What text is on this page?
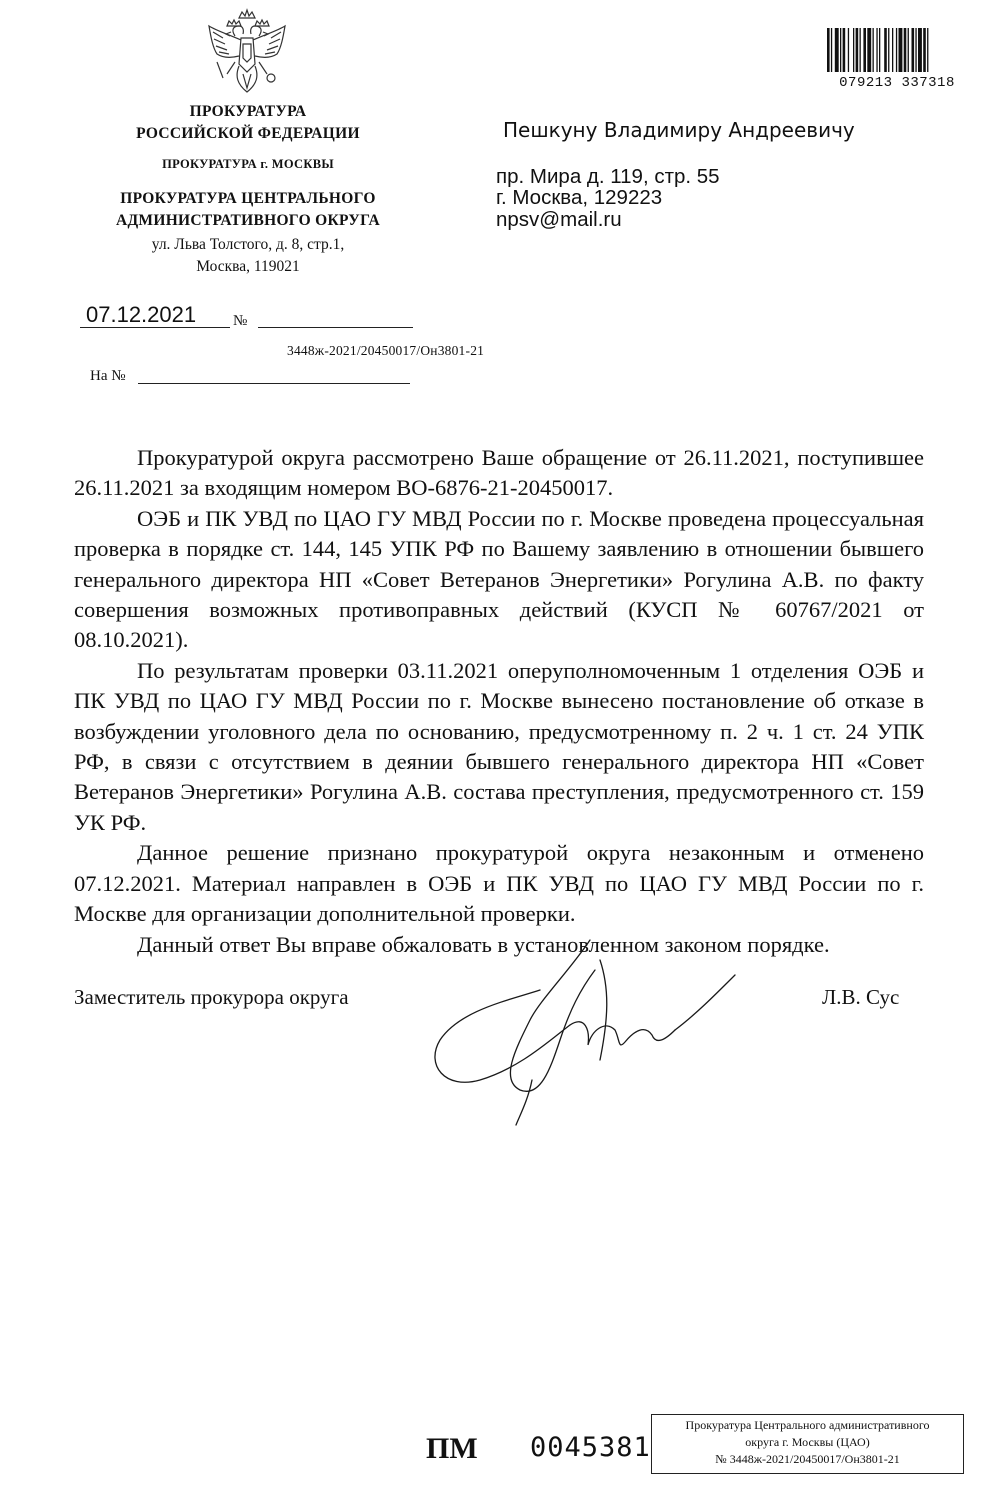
ПРОКУРАТУРА
РОССИЙСКОЙ ФЕДЕРАЦИИ
ПРОКУРАТУРА г. МОСКВЫ
ПРОКУРАТУРА ЦЕНТРАЛЬНОГО
АДМИНИСТРАТИВНОГО ОКРУГА
ул. Льва Толстого, д. 8, стр.1,
Москва, 119021
079213 337318
Пешкуну Владимиру Андреевичу
пр. Мира д. 119, стр. 55
г. Москва, 129223
npsv@mail.ru
07.12.2021 №
3448ж-2021/20450017/Он3801-21
На №

Прокуратурой округа рассмотрено Ваше обращение от 26.11.2021, поступившее 26.11.2021 за входящим номером ВО-6876-21-20450017.

ОЭБ и ПК УВД по ЦАО ГУ МВД России по г. Москве проведена процессуальная проверка в порядке ст. 144, 145 УПК РФ по Вашему заявлению в отношении бывшего генерального директора НП «Совет Ветеранов Энергетики» Рогулина А.В. по факту совершения возможных противоправных действий (КУСП № 60767/2021 от 08.10.2021).

По результатам проверки 03.11.2021 оперуполномоченным 1 отделения ОЭБ и ПК УВД по ЦАО ГУ МВД России по г. Москве вынесено постановление об отказе в возбуждении уголовного дела по основанию, предусмотренному п. 2 ч. 1 ст. 24 УПК РФ, в связи с отсутствием в деянии бывшего генерального директора НП «Совет Ветеранов Энергетики» Рогулина А.В. состава преступления, предусмотренного ст. 159 УК РФ.

Данное решение признано прокуратурой округа незаконным и отменено 07.12.2021. Материал направлен в ОЭБ и ПК УВД по ЦАО ГУ МВД России по г. Москве для организации дополнительной проверки.

Данный ответ Вы вправе обжаловать в установленном законом порядке.

Заместитель прокурора округа	Л.В. Сус
ПМ 0045381
Прокуратура Центрального административного
округа г. Москвы (ЦАО)
№ 3448ж-2021/20450017/Он3801-21
